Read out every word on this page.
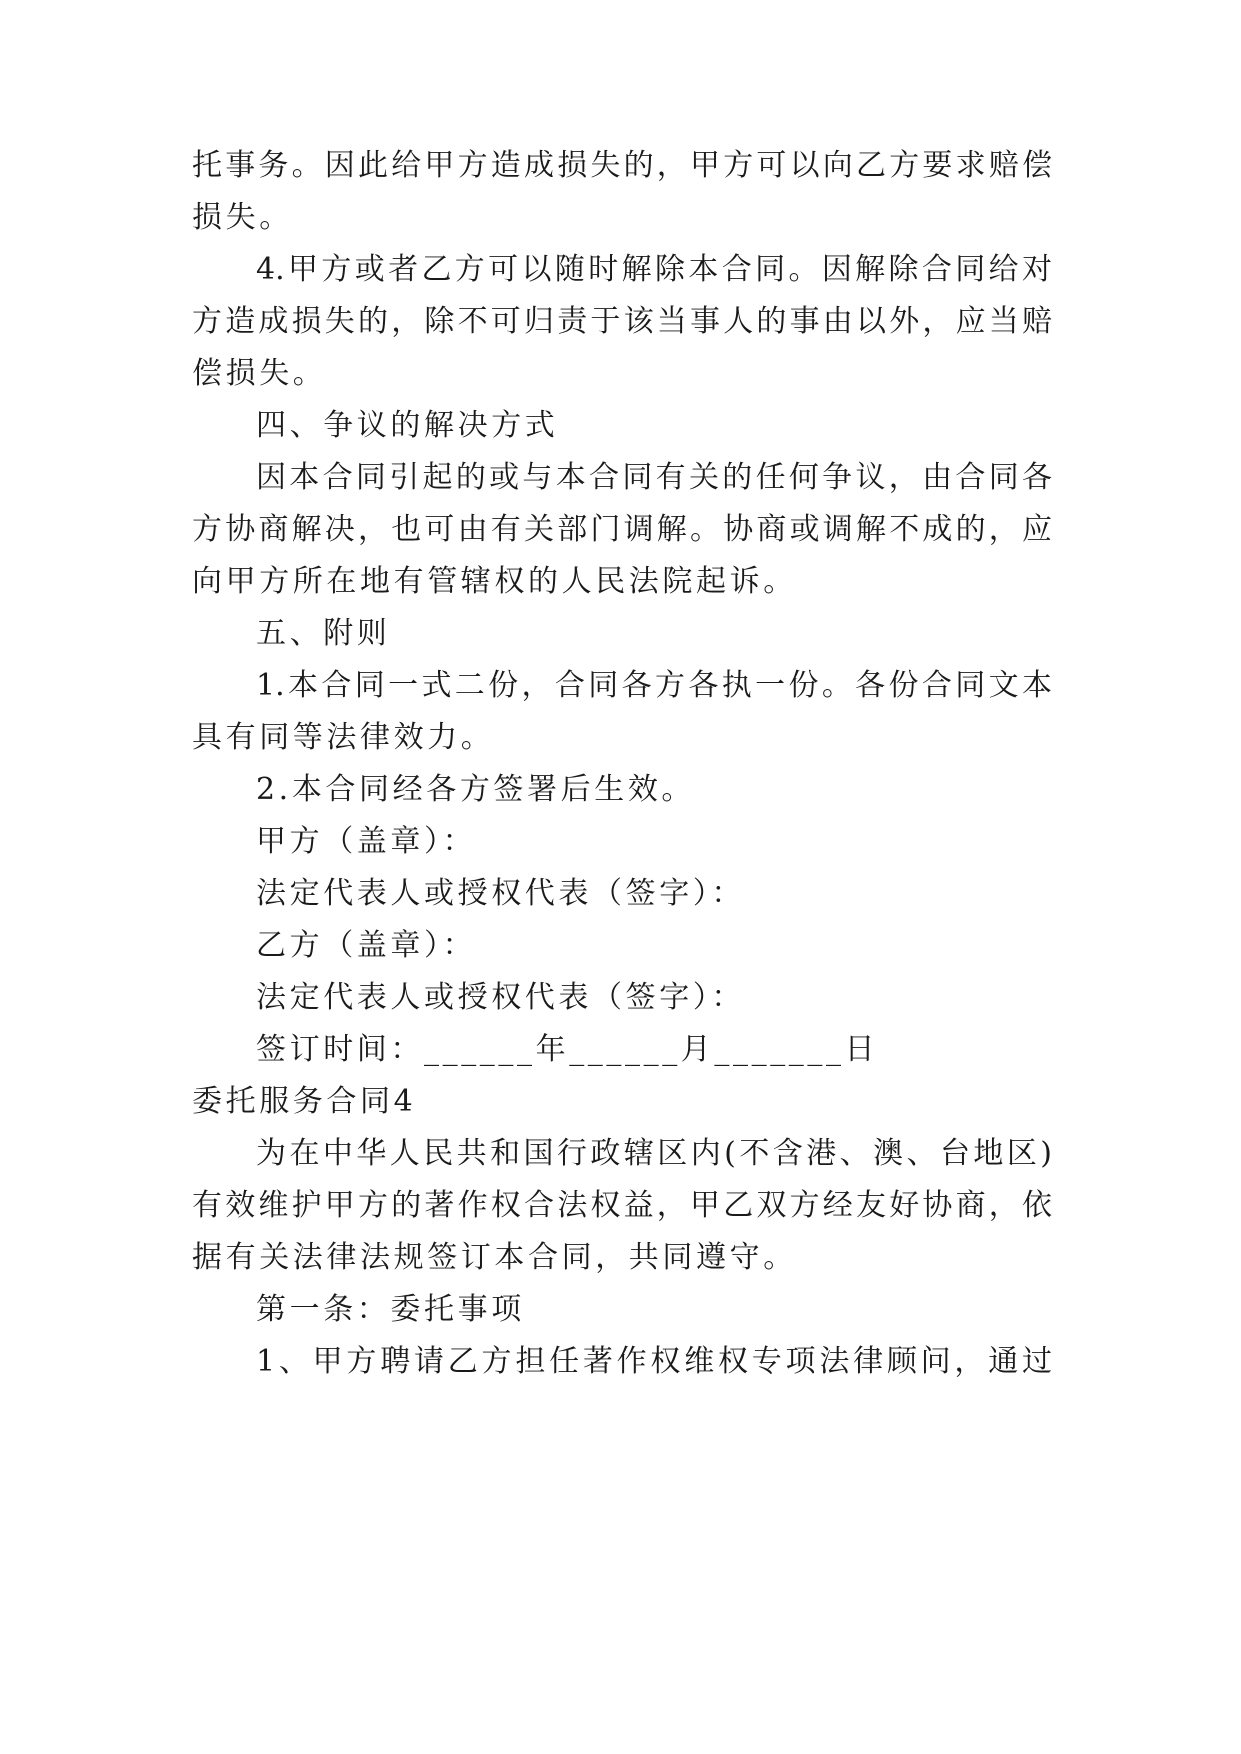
托事务。因此给甲方造成损失的，甲方可以向乙方要求赔偿
损失。
4.甲方或者乙方可以随时解除本合同。因解除合同给对
方造成损失的，除不可归责于该当事人的事由以外，应当赔
偿损失。
四、争议的解决方式
因本合同引起的或与本合同有关的任何争议，由合同各
方协商解决，也可由有关部门调解。协商或调解不成的，应
向甲方所在地有管辖权的人民法院起诉。
五、附则
1.本合同一式二份，合同各方各执一份。各份合同文本
具有同等法律效力。
2.本合同经各方签署后生效。
甲方（盖章）：
法定代表人或授权代表（签字）：
乙方（盖章）：
法定代表人或授权代表（签字）：
签订时间：______年______月_______日
委托服务合同4
为在中华人民共和国行政辖区内(不含港、澳、台地区)
有效维护甲方的著作权合法权益，甲乙双方经友好协商，依
据有关法律法规签订本合同，共同遵守。
第一条：委托事项
1、甲方聘请乙方担任著作权维权专项法律顾问，通过
